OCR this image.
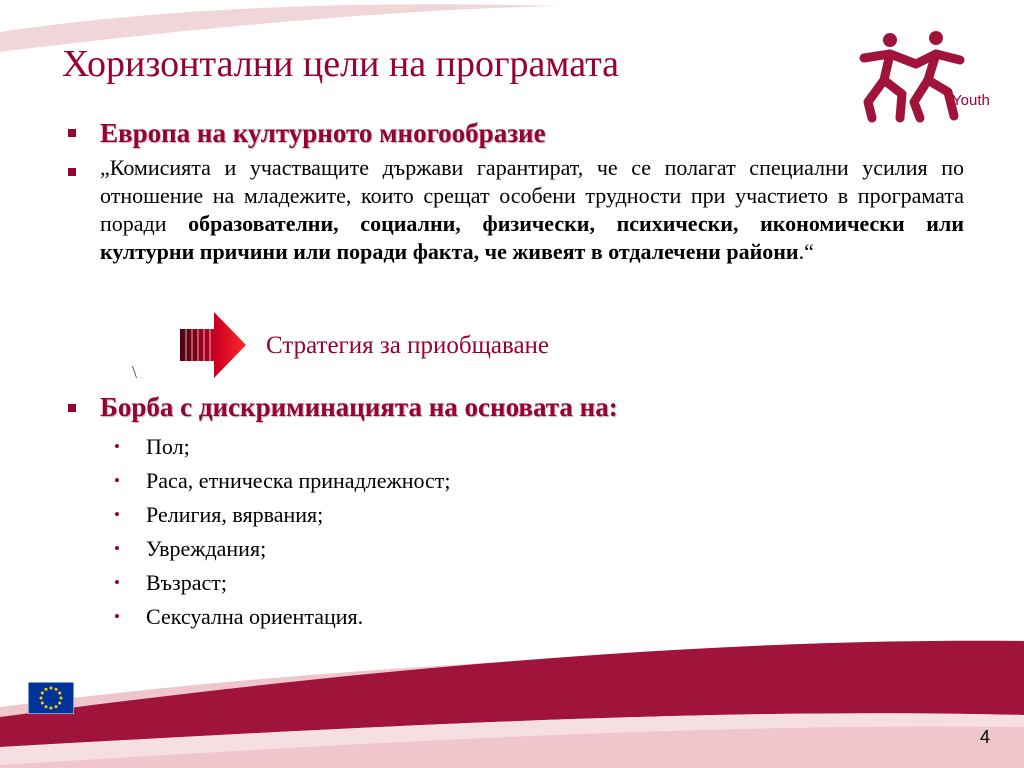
Хоризонтални цели на програмата
Youth
Европа на културното многообразие

„Комисията и участващите държави гарантират, че се полагат специални усилия по отношение на младежите, които срещат особени трудности при участието в програмата поради образователни, социални, физически, психически, икономически или културни причини или поради факта, че живеят в отдалечени райони.“

Стратегия за приобщаване
\
Борба с дискриминацията на основата на:
• Пол;
• Раса, етническа принадлежност;
• Религия, вярвания;
• Увреждания;
• Възраст;
• Сексуална ориентация.
4
